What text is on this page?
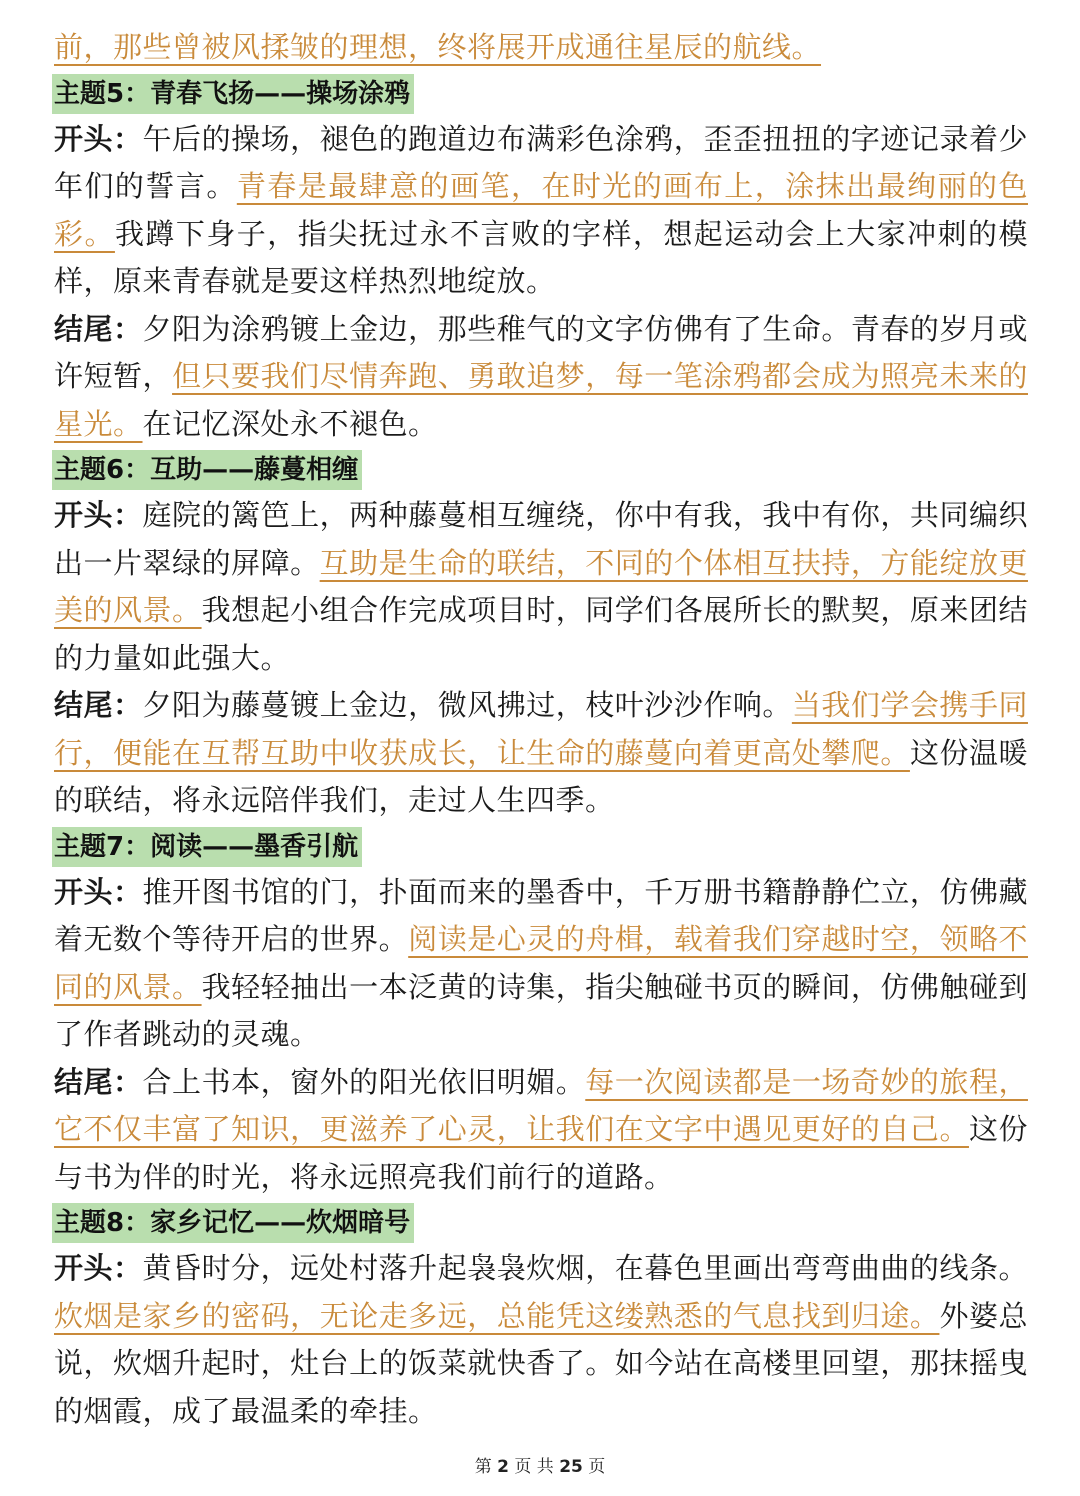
前，那些曾被风揉皱的理想，终将展开成通往星辰的航线。

主题5：青春飞扬——操场涂鸦

开头：午后的操场，褪色的跑道边布满彩色涂鸦，歪歪扭扭的字迹记录着少年们的誓言。青春是最肆意的画笔，在时光的画布上，涂抹出最绚丽的色彩。我蹲下身子，指尖抚过永不言败的字样，想起运动会上大家冲刺的模样，原来青春就是要这样热烈地绽放。

结尾：夕阳为涂鸦镀上金边，那些稚气的文字仿佛有了生命。青春的岁月或许短暂，但只要我们尽情奔跑、勇敢追梦，每一笔涂鸦都会成为照亮未来的星光。在记忆深处永不褪色。

主题6：互助——藤蔓相缠

开头：庭院的篱笆上，两种藤蔓相互缠绕，你中有我，我中有你，共同编织出一片翠绿的屏障。互助是生命的联结，不同的个体相互扶持，方能绽放更美的风景。我想起小组合作完成项目时，同学们各展所长的默契，原来团结的力量如此强大。

结尾：夕阳为藤蔓镀上金边，微风拂过，枝叶沙沙作响。当我们学会携手同行，便能在互帮互助中收获成长，让生命的藤蔓向着更高处攀爬。这份温暖的联结，将永远陪伴我们，走过人生四季。

主题7：阅读——墨香引航

开头：推开图书馆的门，扑面而来的墨香中，千万册书籍静静伫立，仿佛藏着无数个等待开启的世界。阅读是心灵的舟楫，载着我们穿越时空，领略不同的风景。我轻轻抽出一本泛黄的诗集，指尖触碰书页的瞬间，仿佛触碰到了作者跳动的灵魂。

结尾：合上书本，窗外的阳光依旧明媚。每一次阅读都是一场奇妙的旅程，它不仅丰富了知识，更滋养了心灵，让我们在文字中遇见更好的自己。这份与书为伴的时光，将永远照亮我们前行的道路。

主题8：家乡记忆——炊烟暗号

开头：黄昏时分，远处村落升起袅袅炊烟，在暮色里画出弯弯曲曲的线条。炊烟是家乡的密码，无论走多远，总能凭这缕熟悉的气息找到归途。外婆总说，炊烟升起时，灶台上的饭菜就快香了。如今站在高楼里回望，那抹摇曳的烟霞，成了最温柔的牵挂。

第 2 页 共 25 页
